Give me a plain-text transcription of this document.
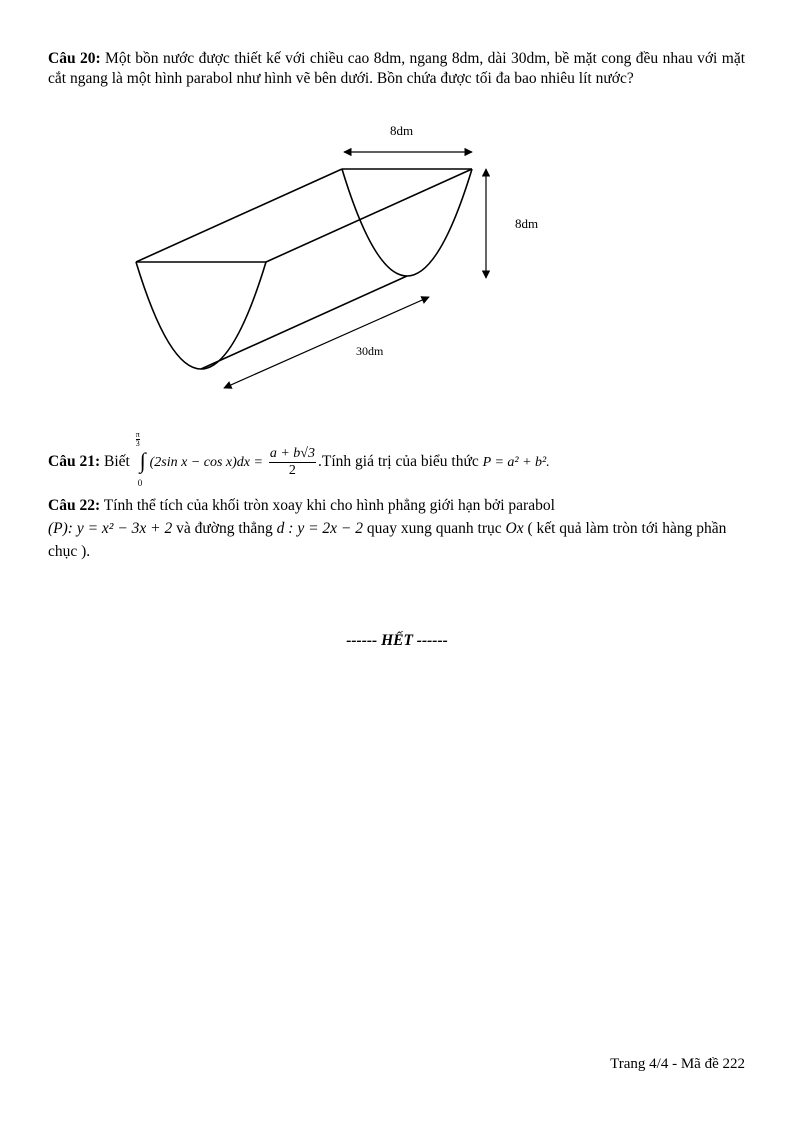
Câu 20: Một bồn nước được thiết kế với chiều cao 8dm, ngang 8dm, dài 30dm, bề mặt cong đều nhau với mặt cắt ngang là một hình parabol như hình vẽ bên dưới. Bồn chứa được tối đa bao nhiêu lít nước?
8dm
8dm
30dm
Câu 21: Biết
π
3
∫
0
(2sin $x - \cos x)dx = \frac{a + b√3}{2}$ .Tính giá trị của biểu thức P = a² + b².
Câu 22: Tính thể tích của khối tròn xoay khi cho hình phẳng giới hạn bởi parabol
(P): y = x² − 3x + 2 và đường thẳng d : y = 2x − 2 quay xung quanh trục Ox ( kết quả làm tròn tới hàng phần chục ).
------ HẾT ------
Trang 4/4 - Mã đề 222
